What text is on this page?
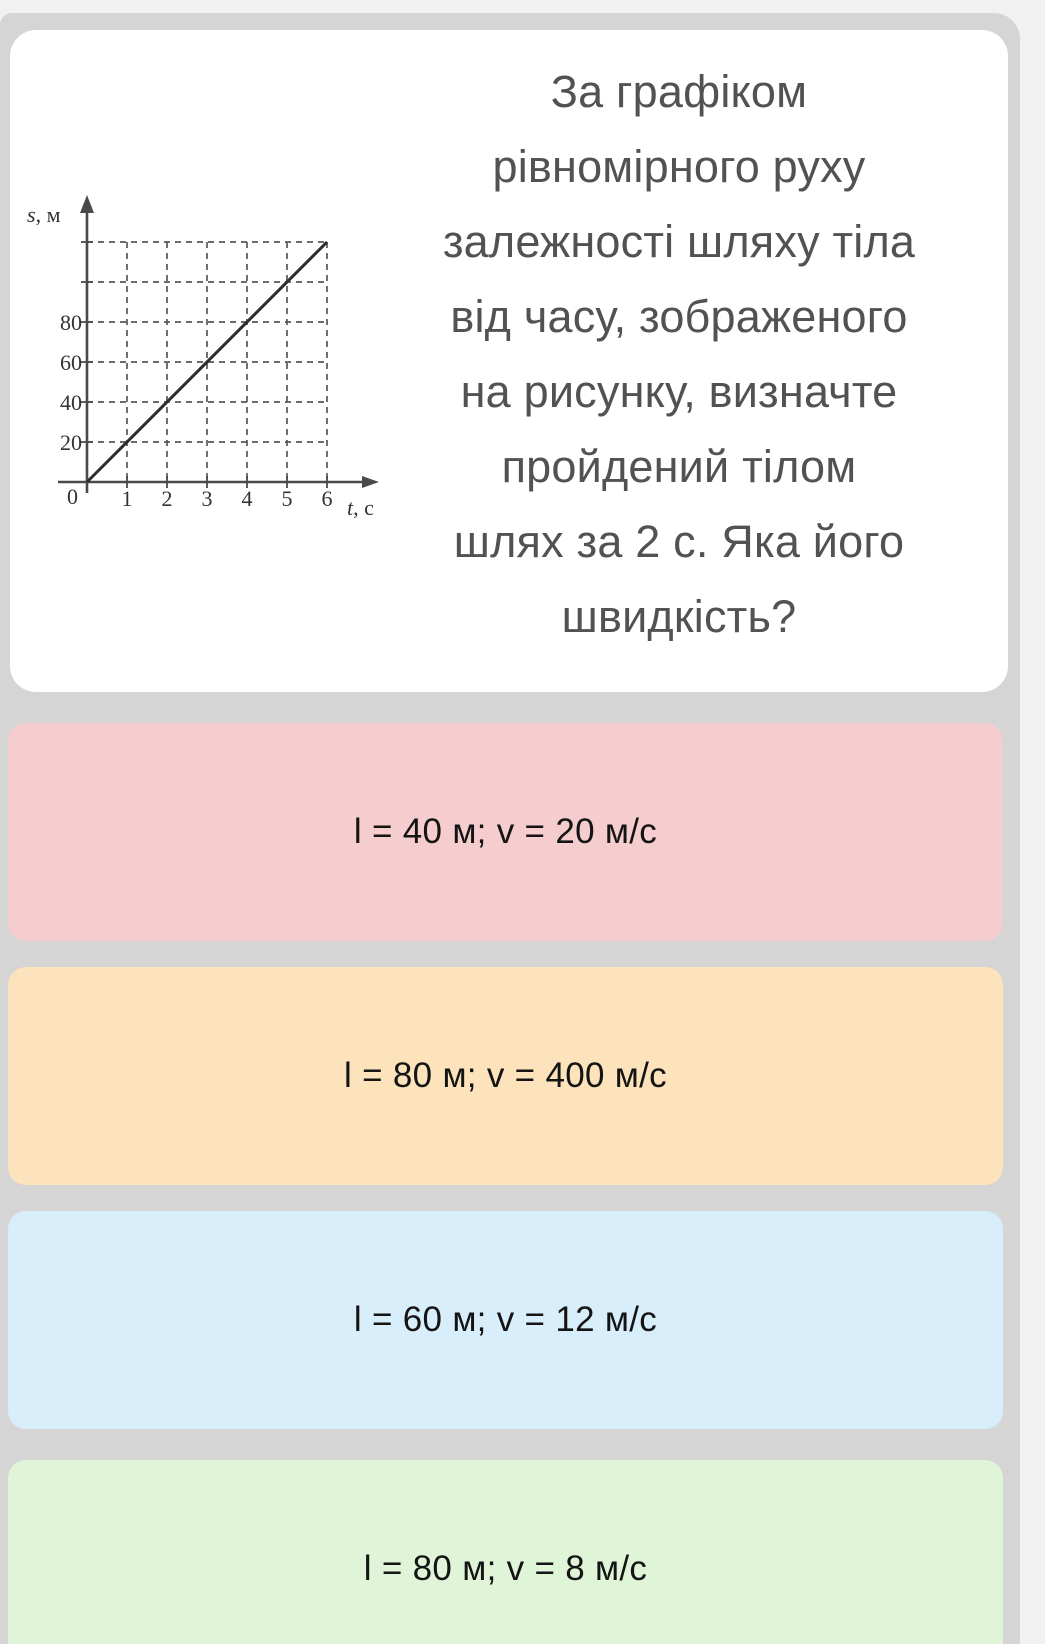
s, м
t, c
0
20
40
60
80
1 2 3 4 5 6
За графіком
рівномірного руху
залежності шляху тіла
від часу, зображеного
на рисунку, визначте
пройдений тілом
шлях за 2 с. Яка його
швидкість?
l = 40 м; v = 20 м/с
l = 80 м; v = 400 м/с
l = 60 м; v = 12 м/с
l = 80 м; v = 8 м/с
